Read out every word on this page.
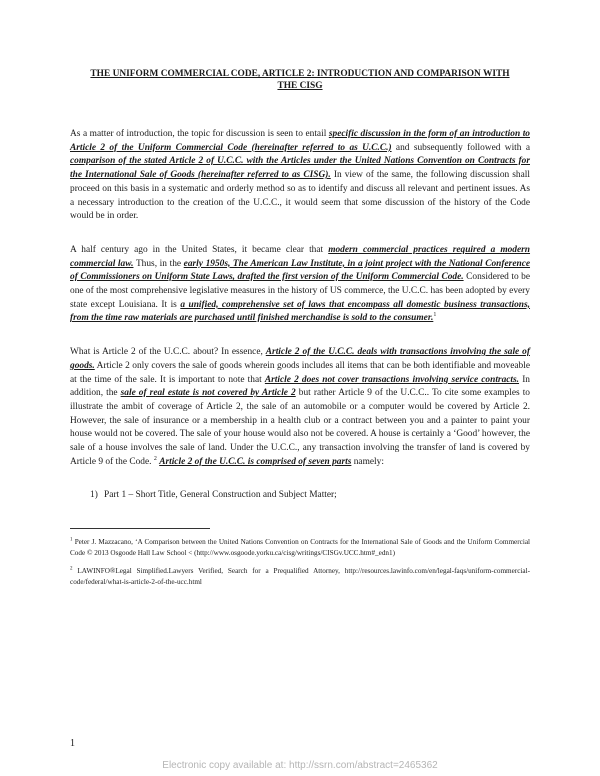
THE UNIFORM COMMERCIAL CODE, ARTICLE 2: INTRODUCTION AND COMPARISON WITH THE CISG

As a matter of introduction, the topic for discussion is seen to entail specific discussion in the form of an introduction to Article 2 of the Uniform Commercial Code (hereinafter referred to as U.C.C.) and subsequently followed with a comparison of the stated Article 2 of U.C.C. with the Articles under the United Nations Convention on Contracts for the International Sale of Goods (hereinafter referred to as CISG). In view of the same, the following discussion shall proceed on this basis in a systematic and orderly method so as to identify and discuss all relevant and pertinent issues. As a necessary introduction to the creation of the U.C.C., it would seem that some discussion of the history of the Code would be in order.

A half century ago in the United States, it became clear that modern commercial practices required a modern commercial law. Thus, in the early 1950s, The American Law Institute, in a joint project with the National Conference of Commissioners on Uniform State Laws, drafted the first version of the Uniform Commercial Code. Considered to be one of the most comprehensive legislative measures in the history of US commerce, the U.C.C. has been adopted by every state except Louisiana. It is a unified, comprehensive set of laws that encompass all domestic business transactions, from the time raw materials are purchased until finished merchandise is sold to the consumer.$^1$

What is Article 2 of the U.C.C. about? In essence, Article 2 of the U.C.C. deals with transactions involving the sale of goods. Article 2 only covers the sale of goods wherein goods includes all items that can be both identifiable and moveable at the time of the sale. It is important to note that Article 2 does not cover transactions involving service contracts. In addition, the sale of real estate is not covered by Article 2 but rather Article 9 of the U.C.C.. To cite some examples to illustrate the ambit of coverage of Article 2, the sale of an automobile or a computer would be covered by Article 2. However, the sale of insurance or a membership in a health club or a contract between you and a painter to paint your house would not be covered. The sale of your house would also not be covered. A house is certainly a ‘Good’ however, the sale of a house involves the sale of land. Under the U.C.C., any transaction involving the transfer of land is covered by Article 9 of the Code. $^2$ Article 2 of the U.C.C. is comprised of seven parts namely:

1) Part 1 – Short Title, General Construction and Subject Matter;
$^1$ Peter J. Mazzacano, ‘A Comparison between the United Nations Convention on Contracts for the International Sale of Goods and the Uniform Commercial Code © 2013 Osgoode Hall Law School < (http://www.osgoode.yorku.ca/cisg/writings/CISGv.UCC.htm#_edn1)
$^2$ LAWINFO®Legal Simplified.Lawyers Verified, Search for a Prequalified Attorney, http://resources.lawinfo.com/en/legal-faqs/uniform-commercial-code/federal/what-is-article-2-of-the-ucc.html
1
Electronic copy available at: http://ssrn.com/abstract=2465362
